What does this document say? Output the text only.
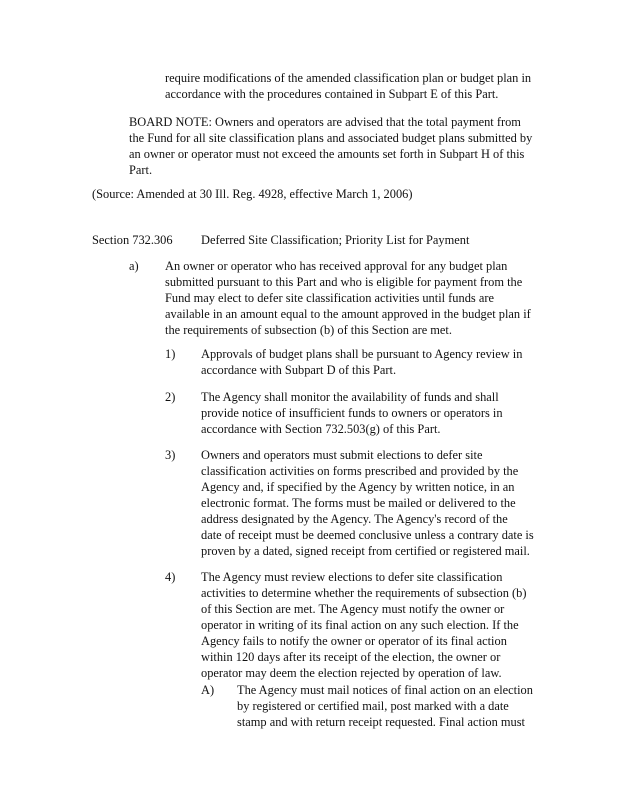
require modifications of the amended classification plan or budget plan in
accordance with the procedures contained in Subpart E of this Part.
BOARD NOTE: Owners and operators are advised that the total payment from
the Fund for all site classification plans and associated budget plans submitted by
an owner or operator must not exceed the amounts set forth in Subpart H of this
Part.
(Source: Amended at 30 Ill. Reg. 4928, effective March 1, 2006)
Section 732.306 Deferred Site Classification; Priority List for Payment
a) An owner or operator who has received approval for any budget plan
submitted pursuant to this Part and who is eligible for payment from the
Fund may elect to defer site classification activities until funds are
available in an amount equal to the amount approved in the budget plan if
the requirements of subsection (b) of this Section are met.
1) Approvals of budget plans shall be pursuant to Agency review in
accordance with Subpart D of this Part.
2) The Agency shall monitor the availability of funds and shall
provide notice of insufficient funds to owners or operators in
accordance with Section 732.503(g) of this Part.
3) Owners and operators must submit elections to defer site
classification activities on forms prescribed and provided by the
Agency and, if specified by the Agency by written notice, in an
electronic format. The forms must be mailed or delivered to the
address designated by the Agency. The Agency's record of the
date of receipt must be deemed conclusive unless a contrary date is
proven by a dated, signed receipt from certified or registered mail.
4) The Agency must review elections to defer site classification
activities to determine whether the requirements of subsection (b)
of this Section are met. The Agency must notify the owner or
operator in writing of its final action on any such election. If the
Agency fails to notify the owner or operator of its final action
within 120 days after its receipt of the election, the owner or
operator may deem the election rejected by operation of law.
A) The Agency must mail notices of final action on an election
by registered or certified mail, post marked with a date
stamp and with return receipt requested. Final action must
